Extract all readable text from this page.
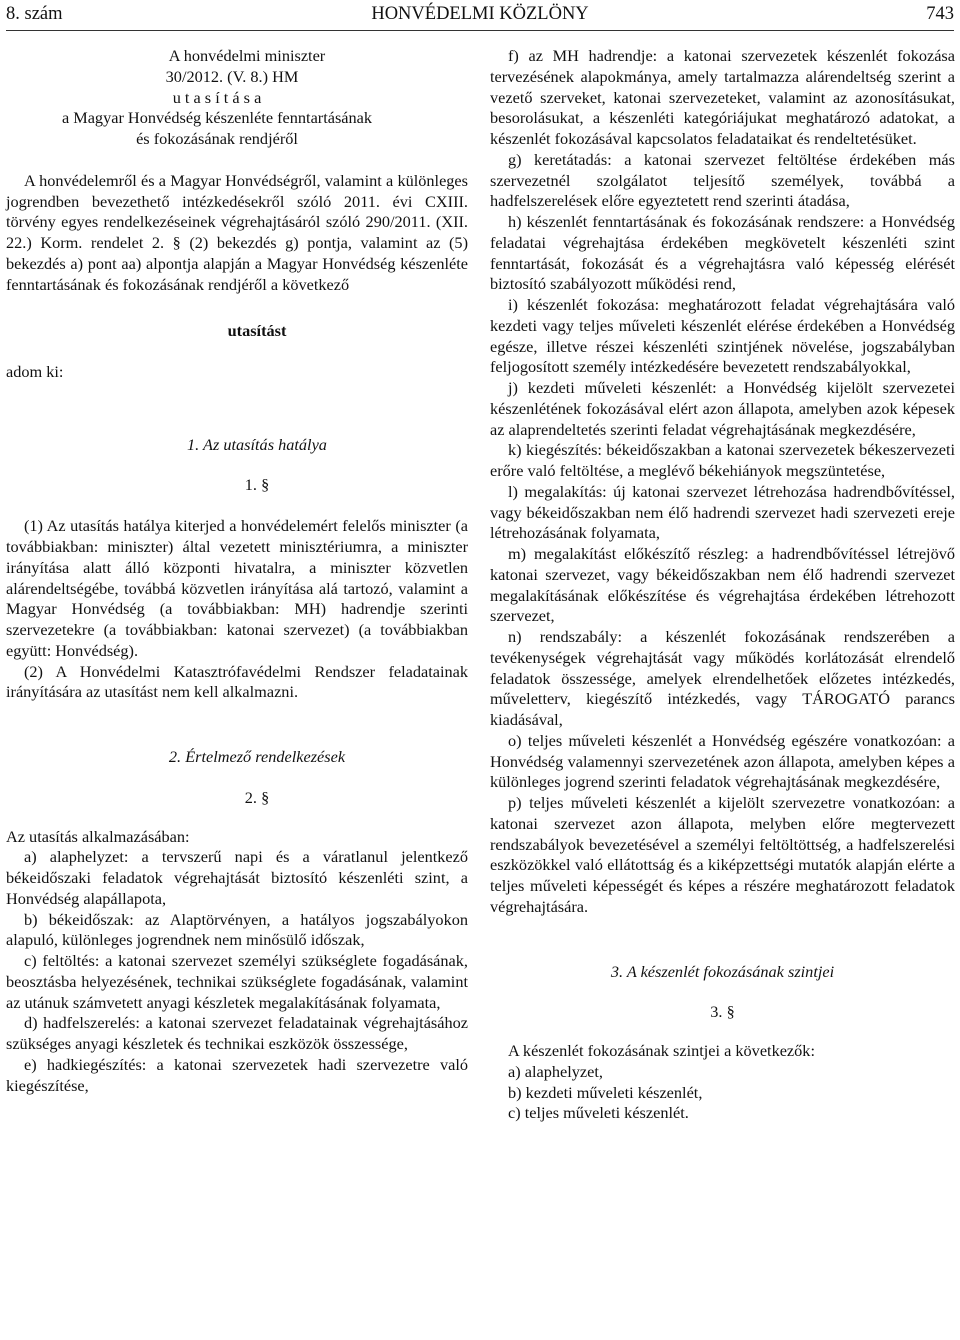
8. szám	HONVÉDELMI KÖZLÖNY	743

A honvédelmi miniszter

30/2012. (V. 8.) HM

u t a s í t á s a

a Magyar Honvédség készenléte fenntartásának

és fokozásának rendjéről

A honvédelemről és a Magyar Honvédségről, valamint a különleges jogrendben bevezethető intézkedésekről szóló 2011. évi CXIII. törvény egyes rendelkezéseinek végrehajtásáról szóló 290/2011. (XII. 22.) Korm. rendelet 2. § (2) bekezdés g) pontja, valamint az (5) bekezdés a) pont aa) alpontja alapján a Magyar Honvédség készenléte fenntartásának és fokozásának rendjéről a következő

utasítást

adom ki:

1. Az utasítás hatálya

1. §

(1) Az utasítás hatálya kiterjed a honvédelemért felelős miniszter (a továbbiakban: miniszter) által vezetett minisztériumra, a miniszter irányítása alatt álló központi hivatalra, a miniszter közvetlen alárendeltségébe, továbbá közvetlen irányítása alá tartozó, valamint a Magyar Honvédség (a továbbiakban: MH) hadrendje szerinti szervezetekre (a továbbiakban: katonai szervezet) (a továbbiakban együtt: Honvédség).

(2) A Honvédelmi Katasztrófavédelmi Rendszer feladatainak irányítására az utasítást nem kell alkalmazni.

2. Értelmező rendelkezések

2. §

Az utasítás alkalmazásában:

a) alaphelyzet: a tervszerű napi és a váratlanul jelentkező békeidőszaki feladatok végrehajtását biztosító készenléti szint, a Honvédség alapállapota,

b) békeidőszak: az Alaptörvényen, a hatályos jogszabályokon alapuló, különleges jogrendnek nem minősülő időszak,

c) feltöltés: a katonai szervezet személyi szükséglete fogadásának, beosztásba helyezésének, technikai szükséglete fogadásának, valamint az utánuk számvetett anyagi készletek megalakításának folyamata,

d) hadfelszerelés: a katonai szervezet feladatainak végrehajtásához szükséges anyagi készletek és technikai eszközök összessége,

e) hadkiegészítés: a katonai szervezetek hadi szervezetre való kiegészítése,

f) az MH hadrendje: a katonai szervezetek készenlét fokozása tervezésének alapokmánya, amely tartalmazza alárendeltség szerint a vezető szerveket, katonai szervezeteket, valamint az azonosításukat, besorolásukat, a készenléti kategóriájukat meghatározó adatokat, a készenlét fokozásával kapcsolatos feladataikat és rendeltetésüket.

g) keretátadás: a katonai szervezet feltöltése érdekében más szervezetnél szolgálatot teljesítő személyek, továbbá a hadfelszerelések előre egyeztetett rend szerinti átadása,

h) készenlét fenntartásának és fokozásának rendszere: a Honvédség feladatai végrehajtása érdekében megkövetelt készenléti szint fenntartását, fokozását és a végrehajtásra való képesség elérését biztosító szabályozott működési rend,

i) készenlét fokozása: meghatározott feladat végrehajtására való kezdeti vagy teljes műveleti készenlét elérése érdekében a Honvédség egésze, illetve részei készenléti szintjének növelése, jogszabályban feljogosított személy intézkedésére bevezetett rendszabályokkal,

j) kezdeti műveleti készenlét: a Honvédség kijelölt szervezetei készenlétének fokozásával elért azon állapota, amelyben azok képesek az alaprendeltetés szerinti feladat végrehajtásának megkezdésére,

k) kiegészítés: békeidőszakban a katonai szervezetek békeszervezeti erőre való feltöltése, a meglévő békehiányok megszüntetése,

l) megalakítás: új katonai szervezet létrehozása hadrendbővítéssel, vagy békeidőszakban nem élő hadrendi szervezet hadi szervezeti ereje létrehozásának folyamata,

m) megalakítást előkészítő részleg: a hadrendbővítéssel létrejövő katonai szervezet, vagy békeidőszakban nem élő hadrendi szervezet megalakításának előkészítése és végrehajtása érdekében létrehozott szervezet,

n) rendszabály: a készenlét fokozásának rendszerében a tevékenységek végrehajtását vagy működés korlátozását elrendelő feladatok összessége, amelyek elrendelhetőek előzetes intézkedés, műveletterv, kiegészítő intézkedés, vagy TÁROGATÓ parancs kiadásával,

o) teljes műveleti készenlét a Honvédség egészére vonatkozóan: a Honvédség valamennyi szervezetének azon állapota, amelyben képes a különleges jogrend szerinti feladatok végrehajtásának megkezdésére,

p) teljes műveleti készenlét a kijelölt szervezetre vonatkozóan: a katonai szervezet azon állapota, melyben előre megtervezett rendszabályok bevezetésével a személyi feltöltöttség, a hadfelszerelési eszközökkel való ellátottság és a kiképzettségi mutatók alapján elérte a teljes műveleti képességét és képes a részére meghatározott feladatok végrehajtására.

3. A készenlét fokozásának szintjei

3. §

A készenlét fokozásának szintjei a következők:

a) alaphelyzet,

b) kezdeti műveleti készenlét,

c) teljes műveleti készenlét.
